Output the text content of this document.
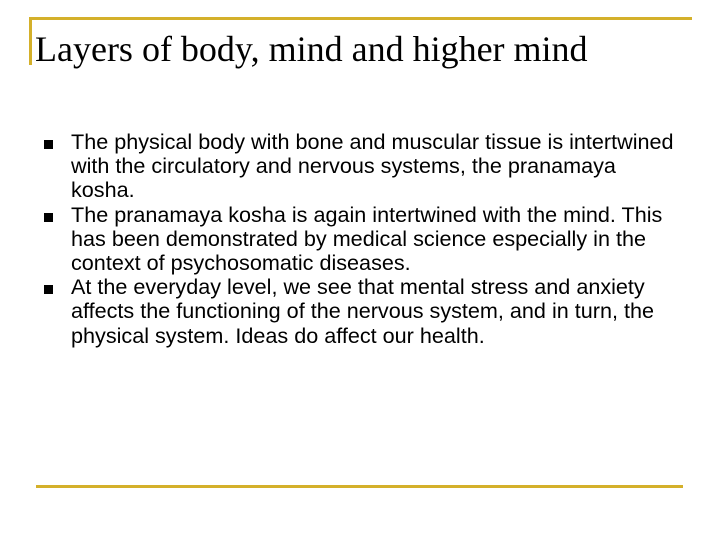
Layers of body, mind and higher mind
The physical body with bone and muscular tissue is intertwined with the circulatory and nervous systems, the pranamaya kosha.
The pranamaya kosha is again intertwined with the mind. This has been demonstrated by medical science especially in the context of psychosomatic diseases.
At the everyday level, we see that mental stress and anxiety affects the functioning of the nervous system, and in turn, the physical system. Ideas do affect our health.
